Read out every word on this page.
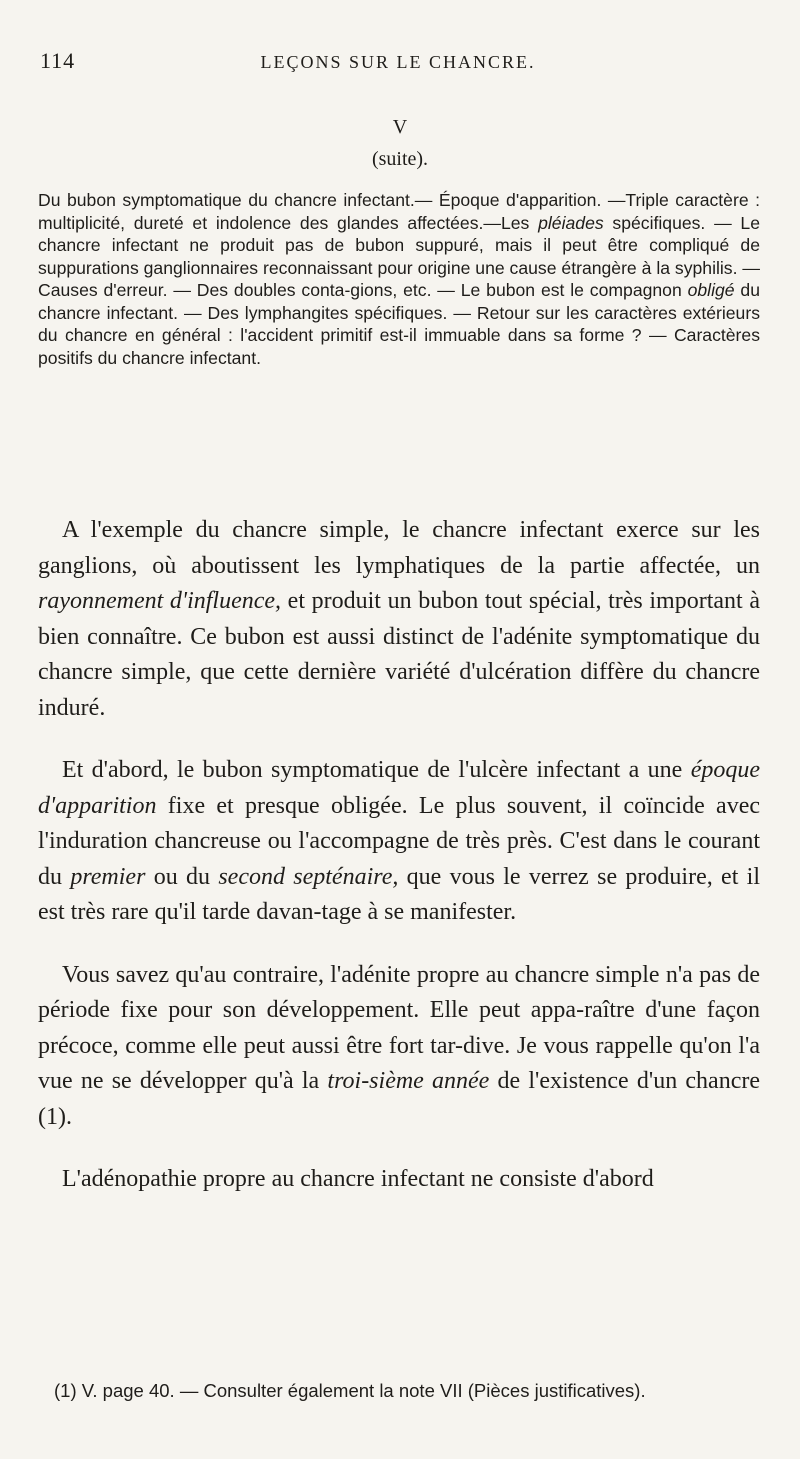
114	LEÇONS SUR LE CHANCRE.
V
(suite).
Du bubon symptomatique du chancre infectant.— Époque d'apparition. —Triple caractère : multiplicité, dureté et indolence des glandes affectées.—Les pléiades spécifiques. — Le chancre infectant ne produit pas de bubon suppuré, mais il peut être compliqué de suppurations ganglionnaires reconnaissant pour origine une cause étrangère à la syphilis. — Causes d'erreur. — Des doubles conta-gions, etc. — Le bubon est le compagnon obligé du chancre infectant. — Des lymphangites spécifiques. — Retour sur les caractères extérieurs du chancre en général : l'accident primitif est-il immuable dans sa forme ? — Caractères positifs du chancre infectant.

A l'exemple du chancre simple, le chancre infectant exerce sur les ganglions, où aboutissent les lymphatiques de la partie affectée, un rayonnement d'influence, et produit un bubon tout spécial, très important à bien connaître. Ce bubon est aussi distinct de l'adénite symptomatique du chancre simple, que cette dernière variété d'ulcération diffère du chancre induré.

Et d'abord, le bubon symptomatique de l'ulcère infectant a une époque d'apparition fixe et presque obligée. Le plus souvent, il coïncide avec l'induration chancreuse ou l'accompagne de très près. C'est dans le courant du premier ou du second septénaire, que vous le verrez se produire, et il est très rare qu'il tarde davan-tage à se manifester.

Vous savez qu'au contraire, l'adénite propre au chancre simple n'a pas de période fixe pour son développement. Elle peut appa-raître d'une façon précoce, comme elle peut aussi être fort tar-dive. Je vous rappelle qu'on l'a vue ne se développer qu'à la troi-sième année de l'existence d'un chancre (1).

L'adénopathie propre au chancre infectant ne consiste d'abord

(1) V. page 40. — Consulter également la note VII (Pièces justificatives).
